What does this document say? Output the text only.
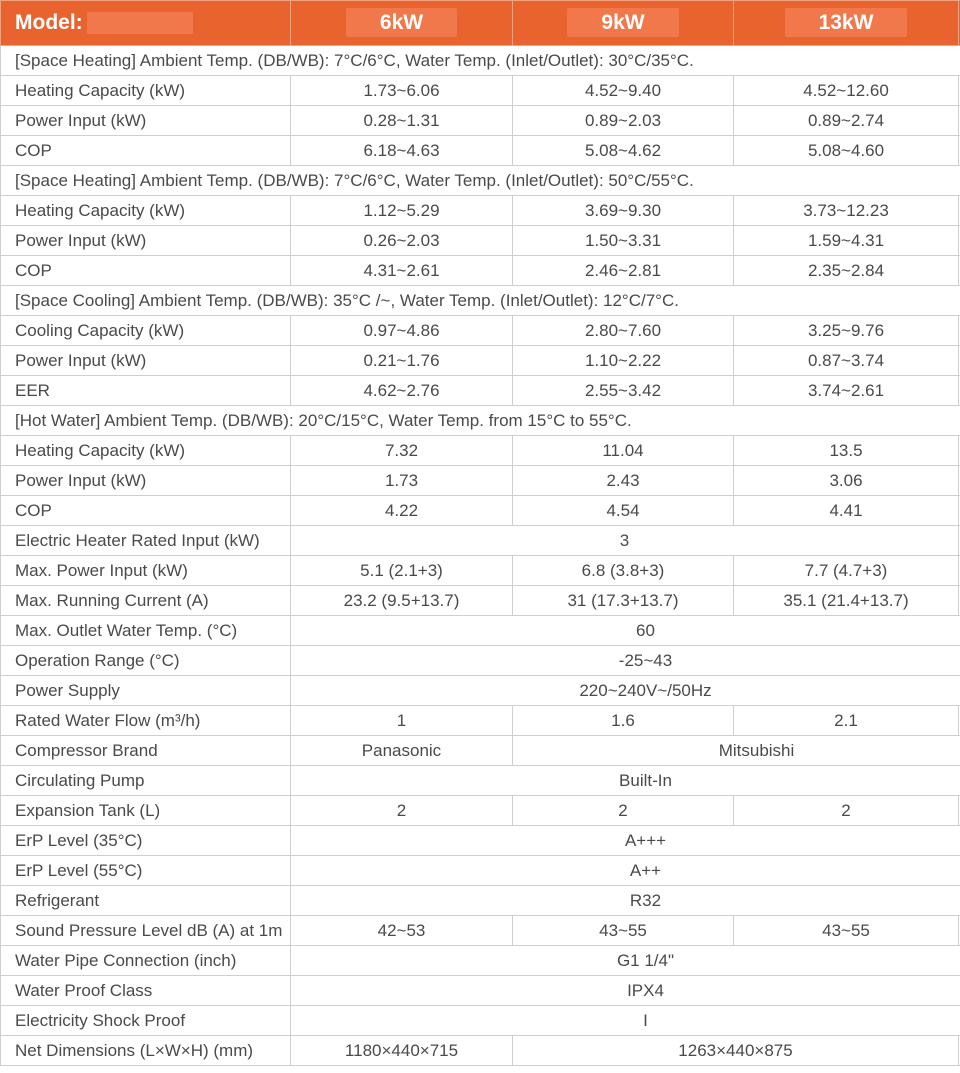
Model:	6kW	9kW	13kW	
[Space Heating] Ambient Temp. (DB/WB): 7°C/6°C, Water Temp. (Inlet/Outlet): 30°C/35°C.				
Heating Capacity (kW)	1.73~6.06	4.52~9.40	4.52~12.60	
Power Input (kW)	0.28~1.31	0.89~2.03	0.89~2.74	
COP	6.18~4.63	5.08~4.62	5.08~4.60	
[Space Heating] Ambient Temp. (DB/WB): 7°C/6°C, Water Temp. (Inlet/Outlet): 50°C/55°C.				
Heating Capacity (kW)	1.12~5.29	3.69~9.30	3.73~12.23	
Power Input (kW)	0.26~2.03	1.50~3.31	1.59~4.31	
COP	4.31~2.61	2.46~2.81	2.35~2.84	
[Space Cooling] Ambient Temp. (DB/WB): 35°C /~, Water Temp. (Inlet/Outlet): 12°C/7°C.				
Cooling Capacity (kW)	0.97~4.86	2.80~7.60	3.25~9.76	
Power Input (kW)	0.21~1.76	1.10~2.22	0.87~3.74	
EER	4.62~2.76	2.55~3.42	3.74~2.61	
[Hot Water] Ambient Temp. (DB/WB): 20°C/15°C, Water Temp. from 15°C to 55°C.				
Heating Capacity (kW)	7.32	11.04	13.5	
Power Input (kW)	1.73	2.43	3.06	
COP	4.22	4.54	4.41	
Electric Heater Rated Input (kW)	3			
Max. Power Input (kW)	5.1 (2.1+3)	6.8 (3.8+3)	7.7 (4.7+3)	
Max. Running Current (A)	23.2 (9.5+13.7)	31 (17.3+13.7)	35.1 (21.4+13.7)	
Max. Outlet Water Temp. (°C)	60			
Operation Range (°C)	-25~43			
Power Supply	220~240V~/50Hz			
Rated Water Flow (m³/h)	1	1.6	2.1	
Compressor Brand	Panasonic	Mitsubishi		
Circulating Pump	Built-In			
Expansion Tank (L)	2	2	2	
ErP Level (35°C)	A+++			
ErP Level (55°C)	A++			
Refrigerant	R32			
Sound Pressure Level dB (A) at 1m	42~53	43~55	43~55	
Water Pipe Connection (inch)	G1 1/4"			
Water Proof Class	IPX4			
Electricity Shock Proof	I			
Net Dimensions (L×W×H) (mm)	1180×440×715	1263×440×875		
